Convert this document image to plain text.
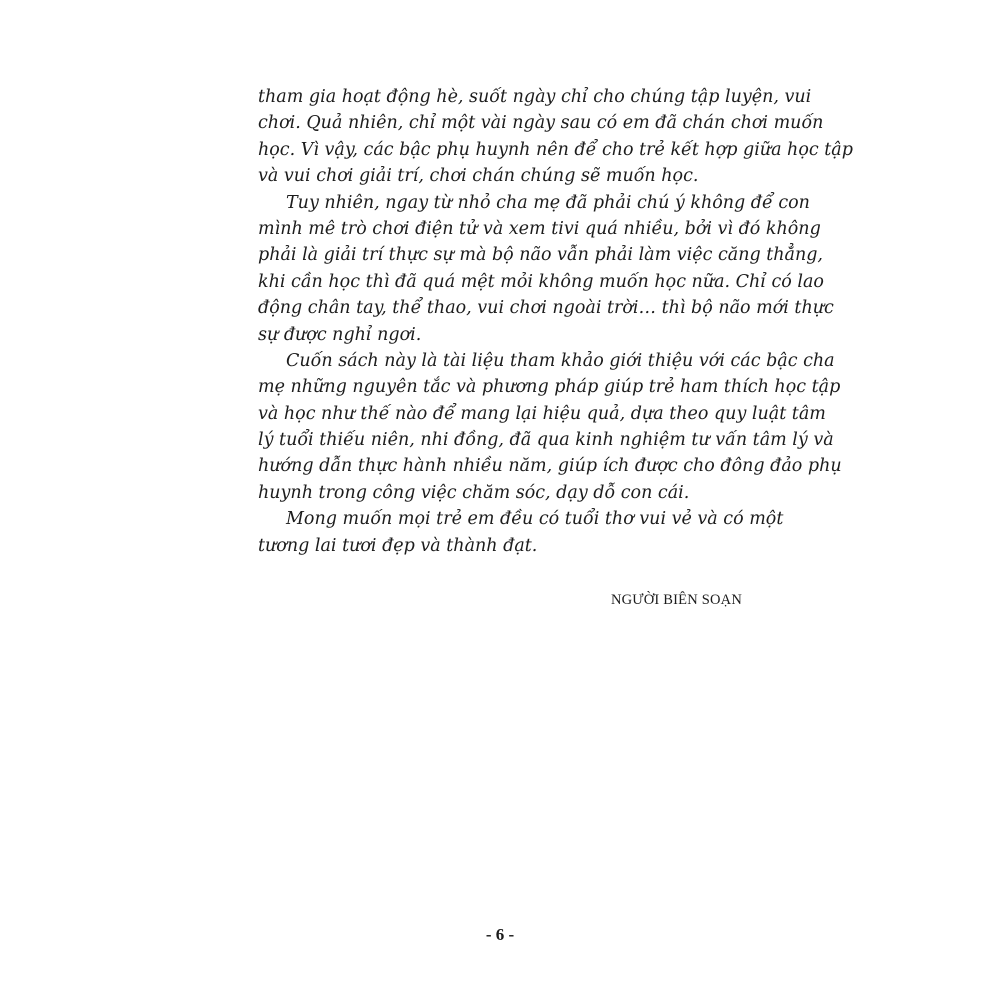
tham gia hoạt động hè, suốt ngày chỉ cho chúng tập luyện, vui
chơi. Quả nhiên, chỉ một vài ngày sau có em đã chán chơi muốn
học. Vì vậy, các bậc phụ huynh nên để cho trẻ kết hợp giữa học tập
và vui chơi giải trí, chơi chán chúng sẽ muốn học.
Tuy nhiên, ngay từ nhỏ cha mẹ đã phải chú ý không để con
mình mê trò chơi điện tử và xem tivi quá nhiều, bởi vì đó không
phải là giải trí thực sự mà bộ não vẫn phải làm việc căng thẳng,
khi cần học thì đã quá mệt mỏi không muốn học nữa. Chỉ có lao
động chân tay, thể thao, vui chơi ngoài trời… thì bộ não mới thực
sự được nghỉ ngơi.
Cuốn sách này là tài liệu tham khảo giới thiệu với các bậc cha
mẹ những nguyên tắc và phương pháp giúp trẻ ham thích học tập
và học như thế nào để mang lại hiệu quả, dựa theo quy luật tâm
lý tuổi thiếu niên, nhi đồng, đã qua kinh nghiệm tư vấn tâm lý và
hướng dẫn thực hành nhiều năm, giúp ích được cho đông đảo phụ
huynh trong công việc chăm sóc, dạy dỗ con cái.
Mong muốn mọi trẻ em đều có tuổi thơ vui vẻ và có một
tương lai tươi đẹp và thành đạt.
NGƯỜI BIÊN SOẠN
- 6 -
